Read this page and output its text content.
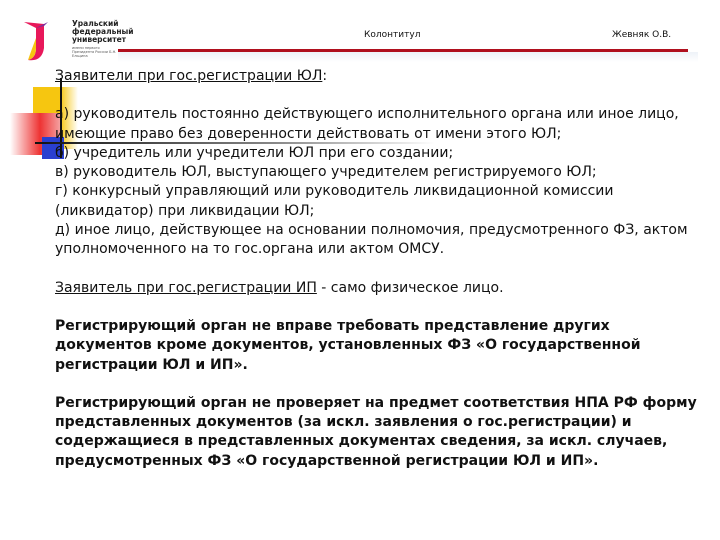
Уральский
федеральный
университет
имени первого Президента России Б.Н. Ельцина
Колонтитул	Жевняк О.В.

Заявители при гос.регистрации ЮЛ:

а) руководитель постоянно действующего исполнительного органа или иное лицо, имеющие право без доверенности действовать от имени этого ЮЛ;

б) учредитель или учредители ЮЛ при его создании;

в) руководитель ЮЛ, выступающего учредителем регистрируемого ЮЛ;

г) конкурсный управляющий или руководитель ликвидационной комиссии (ликвидатор) при ликвидации ЮЛ;

д) иное лицо, действующее на основании полномочия, предусмотренного ФЗ, актом уполномоченного на то гос.органа или актом ОМСУ.

Заявитель при гос.регистрации ИП - само физическое лицо.

Регистрирующий орган не вправе требовать представление других документов кроме документов, установленных ФЗ «О государственной регистрации ЮЛ и ИП».

Регистрирующий орган не проверяет на предмет соответствия НПА РФ форму представленных документов (за искл. заявления о гос.регистрации) и содержащиеся в представленных документах сведения, за искл. случаев, предусмотренных ФЗ «О государственной регистрации ЮЛ и ИП».
